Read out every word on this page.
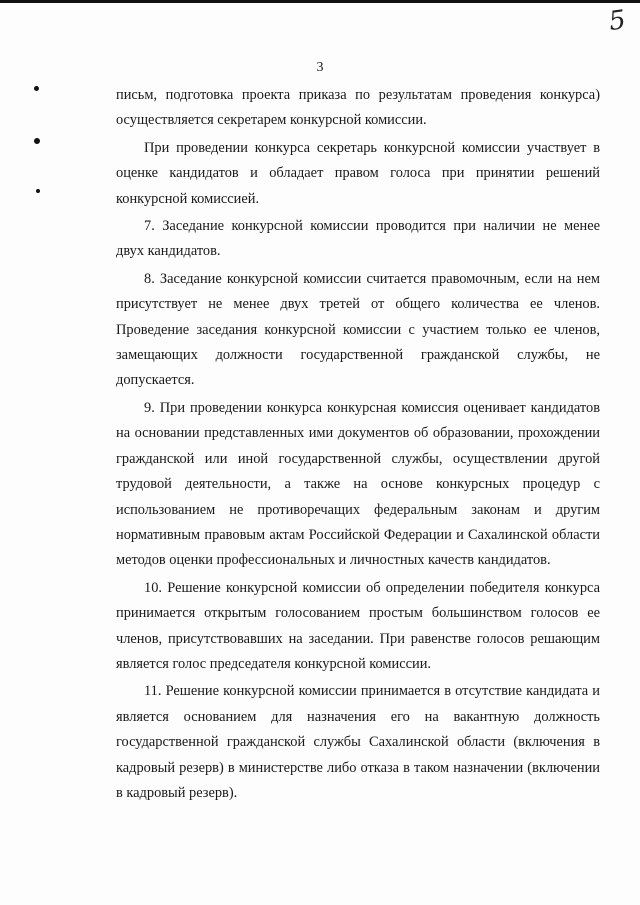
5
3

письм, подготовка проекта приказа по результатам проведения конкурса) осуществляется секретарем конкурсной комиссии.

При проведении конкурса секретарь конкурсной комиссии участвует в оценке кандидатов и обладает правом голоса при принятии решений конкурсной комиссией.

7. Заседание конкурсной комиссии проводится при наличии не менее двух кандидатов.

8. Заседание конкурсной комиссии считается правомочным, если на нем присутствует не менее двух третей от общего количества ее членов. Проведение заседания конкурсной комиссии с участием только ее членов, замещающих должности государственной гражданской службы, не допускается.

9. При проведении конкурса конкурсная комиссия оценивает кандидатов на основании представленных ими документов об образовании, прохождении гражданской или иной государственной службы, осуществлении другой трудовой деятельности, а также на основе конкурсных процедур с использованием не противоречащих федеральным законам и другим нормативным правовым актам Российской Федерации и Сахалинской области методов оценки профессиональных и личностных качеств кандидатов.

10. Решение конкурсной комиссии об определении победителя конкурса принимается открытым голосованием простым большинством голосов ее членов, присутствовавших на заседании. При равенстве голосов решающим является голос председателя конкурсной комиссии.

11. Решение конкурсной комиссии принимается в отсутствие кандидата и является основанием для назначения его на вакантную должность государственной гражданской службы Сахалинской области (включения в кадровый резерв) в министерстве либо отказа в таком назначении (включении в кадровый резерв).
